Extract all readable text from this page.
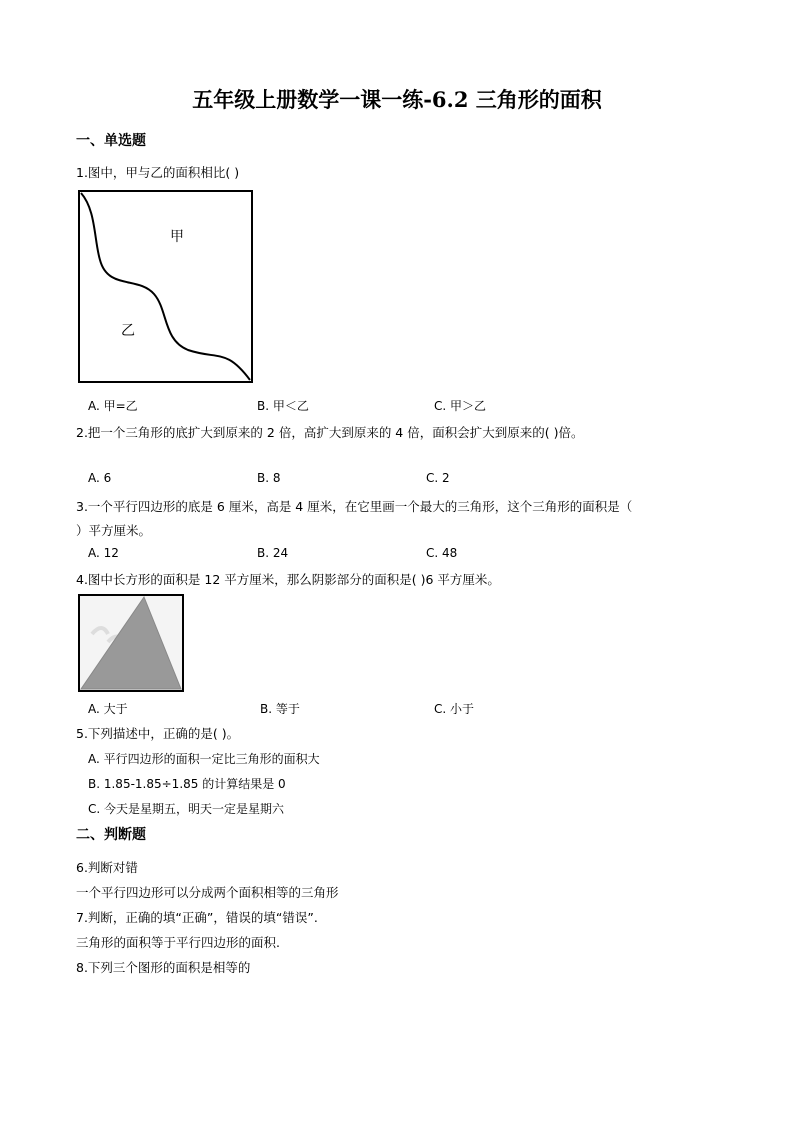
五年级上册数学一课一练-6.2 三角形的面积
一、单选题
1.图中，甲与乙的面积相比( )
甲
乙
A. 甲=乙	B. 甲＜乙	C. 甲＞乙
2.把一个三角形的底扩大到原来的 2 倍，高扩大到原来的 4 倍，面积会扩大到原来的( )倍。
A. 6	B. 8	C. 2
3.一个平行四边形的底是 6 厘米，高是 4 厘米，在它里画一个最大的三角形，这个三角形的面积是（
）平方厘米。
A. 12	B. 24	C. 48
4.图中长方形的面积是 12 平方厘米，那么阴影部分的面积是( )6 平方厘米。
A. 大于	B. 等于	C. 小于
5.下列描述中，正确的是( )。
A. 平行四边形的面积一定比三角形的面积大
B. 1.85-1.85÷1.85 的计算结果是 0
C. 今天是星期五，明天一定是星期六
二、判断题
6.判断对错
一个平行四边形可以分成两个面积相等的三角形
7.判断，正确的填“正确”，错误的填“错误”.
三角形的面积等于平行四边形的面积.
8.下列三个图形的面积是相等的
